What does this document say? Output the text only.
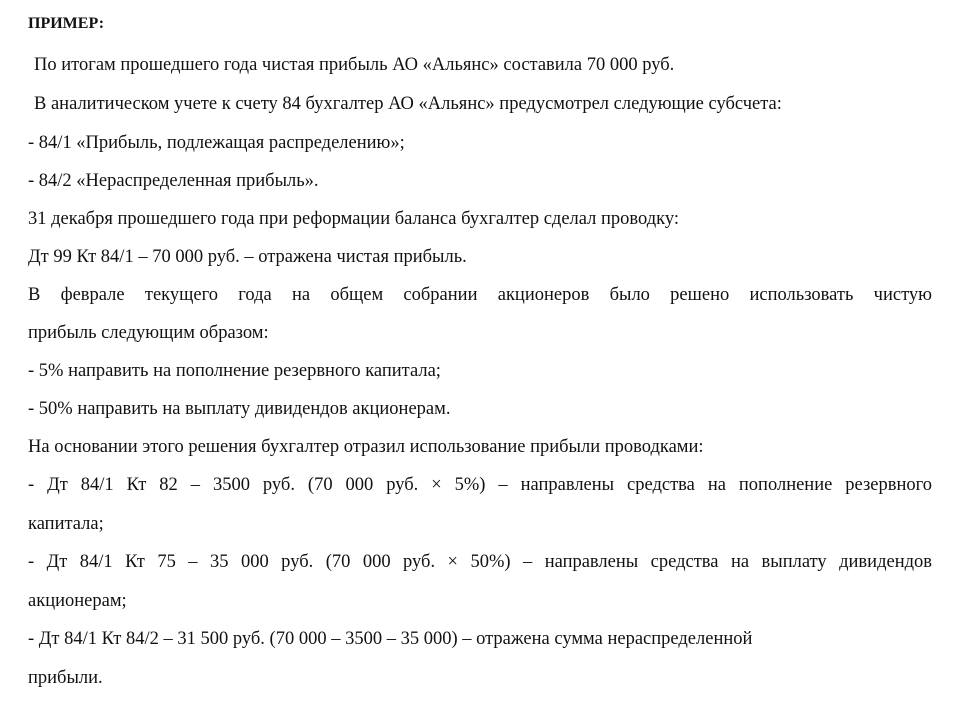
ПРИМЕР:
По итогам прошедшего года чистая прибыль АО «Альянс» составила 70 000 руб.
В аналитическом учете к счету 84 бухгалтер АО «Альянс» предусмотрел следующие субсчета:
- 84/1 «Прибыль, подлежащая распределению»;
- 84/2 «Нераспределенная прибыль».
31 декабря прошедшего года при реформации баланса бухгалтер сделал проводку:
Дт 99 Кт 84/1 – 70 000 руб. – отражена чистая прибыль.
В феврале текущего года на общем собрании акционеров было решено использовать чистую
прибыль следующим образом:
- 5% направить на пополнение резервного капитала;
- 50% направить на выплату дивидендов акционерам.
На основании этого решения бухгалтер отразил использование прибыли проводками:
- Дт 84/1 Кт 82 – 3500 руб. (70 000 руб. × 5%) – направлены средства на пополнение резервного
капитала;
- Дт 84/1 Кт 75 – 35 000 руб. (70 000 руб. × 50%) – направлены средства на выплату дивидендов
акционерам;
- Дт 84/1 Кт 84/2 – 31 500 руб. (70 000 – 3500 – 35 000) – отражена сумма нераспределенной
прибыли.
